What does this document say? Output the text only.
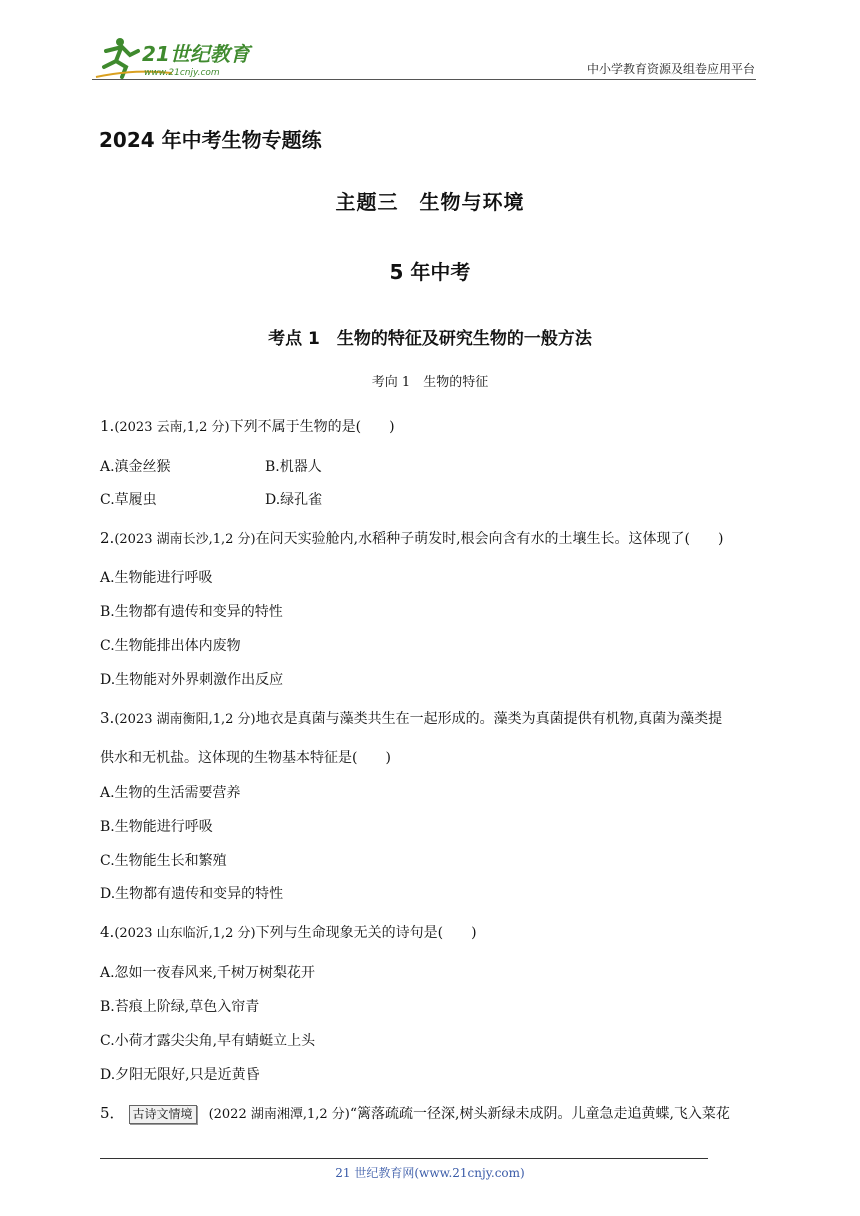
21世纪教育
www.21cnjy.com	中小学教育资源及组卷应用平台
2024 年中考生物专题练
主题三　生物与环境
5 年中考
考点 1　生物的特征及研究生物的一般方法
考向 1　生物的特征
1.(2023 云南,1,2 分)下列不属于生物的是(　　)
A.滇金丝猴	B.机器人
C.草履虫	D.绿孔雀
2.(2023 湖南长沙,1,2 分)在问天实验舱内,水稻种子萌发时,根会向含有水的土壤生长。这体现了(　　)
A.生物能进行呼吸
B.生物都有遗传和变异的特性
C.生物能排出体内废物
D.生物能对外界刺激作出反应
3.(2023 湖南衡阳,1,2 分)地衣是真菌与藻类共生在一起形成的。藻类为真菌提供有机物,真菌为藻类提
供水和无机盐。这体现的生物基本特征是(　　)
A.生物的生活需要营养
B.生物能进行呼吸
C.生物能生长和繁殖
D.生物都有遗传和变异的特性
4.(2023 山东临沂,1,2 分)下列与生命现象无关的诗句是(　　)
A.忽如一夜春风来,千树万树梨花开
B.苔痕上阶绿,草色入帘青
C.小荷才露尖尖角,早有蜻蜓立上头
D.夕阳无限好,只是近黄昏
5． 古诗文情境 (2022 湖南湘潭,1,2 分)“篱落疏疏一径深,树头新绿未成阴。儿童急走追黄蝶,飞入菜花
21 世纪教育网(www.21cnjy.com)
